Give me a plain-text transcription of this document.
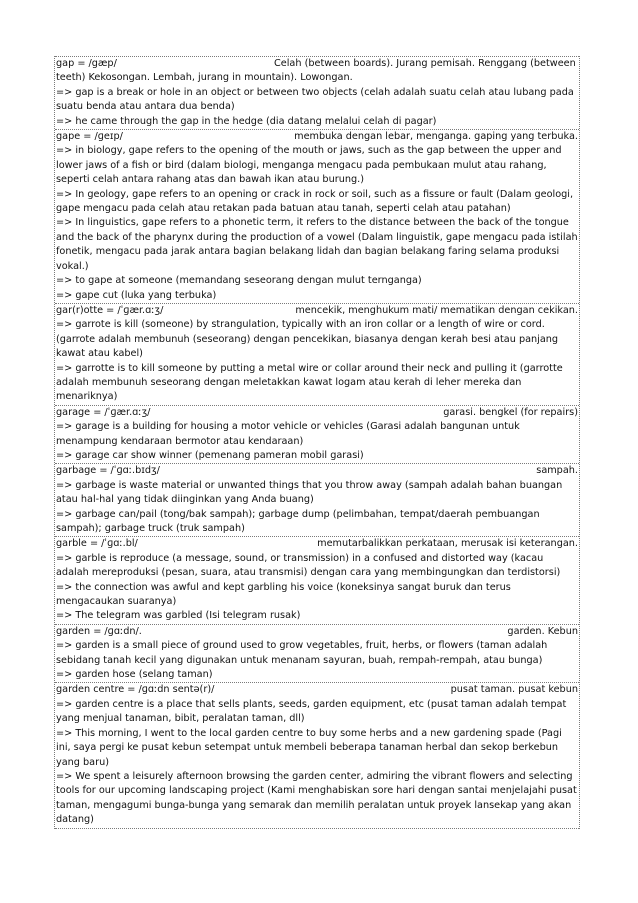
gap = /gæp/	Celah (between boards). Jurang pemisah. Renggang (between teeth) Kekosongan. Lembah, jurang in mountain). Lowongan.
=> gap is a break or hole in an object or between two objects (celah adalah suatu celah atau lubang pada suatu benda atau antara dua benda)
=> he came through the gap in the hedge (dia datang melalui celah di pagar)
gape = /ɡeɪp/	membuka dengan lebar, menganga. gaping yang terbuka.
=> in biology, gape refers to the opening of the mouth or jaws, such as the gap between the upper and lower jaws of a fish or bird (dalam biologi, menganga mengacu pada pembukaan mulut atau rahang, seperti celah antara rahang atas dan bawah ikan atau burung.)
=> In geology, gape refers to an opening or crack in rock or soil, such as a fissure or fault (Dalam geologi, gape mengacu pada celah atau retakan pada batuan atau tanah, seperti celah atau patahan)
=> In linguistics, gape refers to a phonetic term, it refers to the distance between the back of the tongue and the back of the pharynx during the production of a vowel (Dalam linguistik, gape mengacu pada istilah fonetik, mengacu pada jarak antara bagian belakang lidah dan bagian belakang faring selama produksi vokal.)
=> to gape at someone (memandang seseorang dengan mulut ternganga)
=> gape cut (luka yang terbuka)
gar(r)otte = /ˈɡær.ɑːʒ/	mencekik, menghukum mati/ mematikan dengan cekikan.
=> garrote is kill (someone) by strangulation, typically with an iron collar or a length of wire or cord. (garrote adalah membunuh (seseorang) dengan pencekikan, biasanya dengan kerah besi atau panjang kawat atau kabel)
=> garrotte is to kill someone by putting a metal wire or collar around their neck and pulling it (garrotte adalah membunuh seseorang dengan meletakkan kawat logam atau kerah di leher mereka dan menariknya)
garage = /ˈɡær.ɑːʒ/	garasi. bengkel (for repairs)
=> garage is a building for housing a motor vehicle or vehicles (Garasi adalah bangunan untuk menampung kendaraan bermotor atau kendaraan)
=> garage car show winner (pemenang pameran mobil garasi)
garbage = /ˈɡɑː.bɪdʒ/	sampah.
=> garbage is waste material or unwanted things that you throw away (sampah adalah bahan buangan atau hal-hal yang tidak diinginkan yang Anda buang)
=> garbage can/pail (tong/bak sampah); garbage dump (pelimbahan, tempat/daerah pembuangan sampah); garbage truck (truk sampah)
garble = /ˈɡɑː.bl/	memutarbalikkan perkataan, merusak isi keterangan.
=> garble is reproduce (a message, sound, or transmission) in a confused and distorted way (kacau adalah mereproduksi (pesan, suara, atau transmisi) dengan cara yang membingungkan dan terdistorsi)
=> the connection was awful and kept garbling his voice (koneksinya sangat buruk dan terus mengacaukan suaranya)
=> The telegram was garbled (Isi telegram rusak)
garden = /ɡɑːdn/.	garden. Kebun
=> garden is a small piece of ground used to grow vegetables, fruit, herbs, or flowers (taman adalah sebidang tanah kecil yang digunakan untuk menanam sayuran, buah, rempah-rempah, atau bunga)
=> garden hose (selang taman)
garden centre = /ɡɑːdn sentə(r)/	pusat taman. pusat kebun
=> garden centre is a place that sells plants, seeds, garden equipment, etc (pusat taman adalah tempat yang menjual tanaman, bibit, peralatan taman, dll)
=> This morning, I went to the local garden centre to buy some herbs and a new gardening spade (Pagi ini, saya pergi ke pusat kebun setempat untuk membeli beberapa tanaman herbal dan sekop berkebun yang baru)
=> We spent a leisurely afternoon browsing the garden center, admiring the vibrant flowers and selecting tools for our upcoming landscaping project (Kami menghabiskan sore hari dengan santai menjelajahi pusat taman, mengagumi bunga-bunga yang semarak dan memilih peralatan untuk proyek lansekap yang akan datang)
